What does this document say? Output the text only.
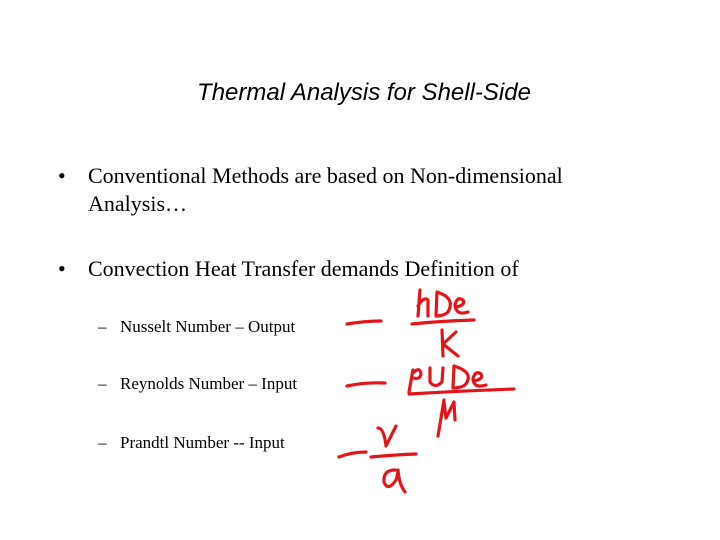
Thermal Analysis for Shell-Side
• Conventional Methods are based on Non-dimensional
Analysis…
• Convection Heat Transfer demands Definition of
– Nusselt Number – Output
– Reynolds Number – Input
– Prandtl Number -- Input
